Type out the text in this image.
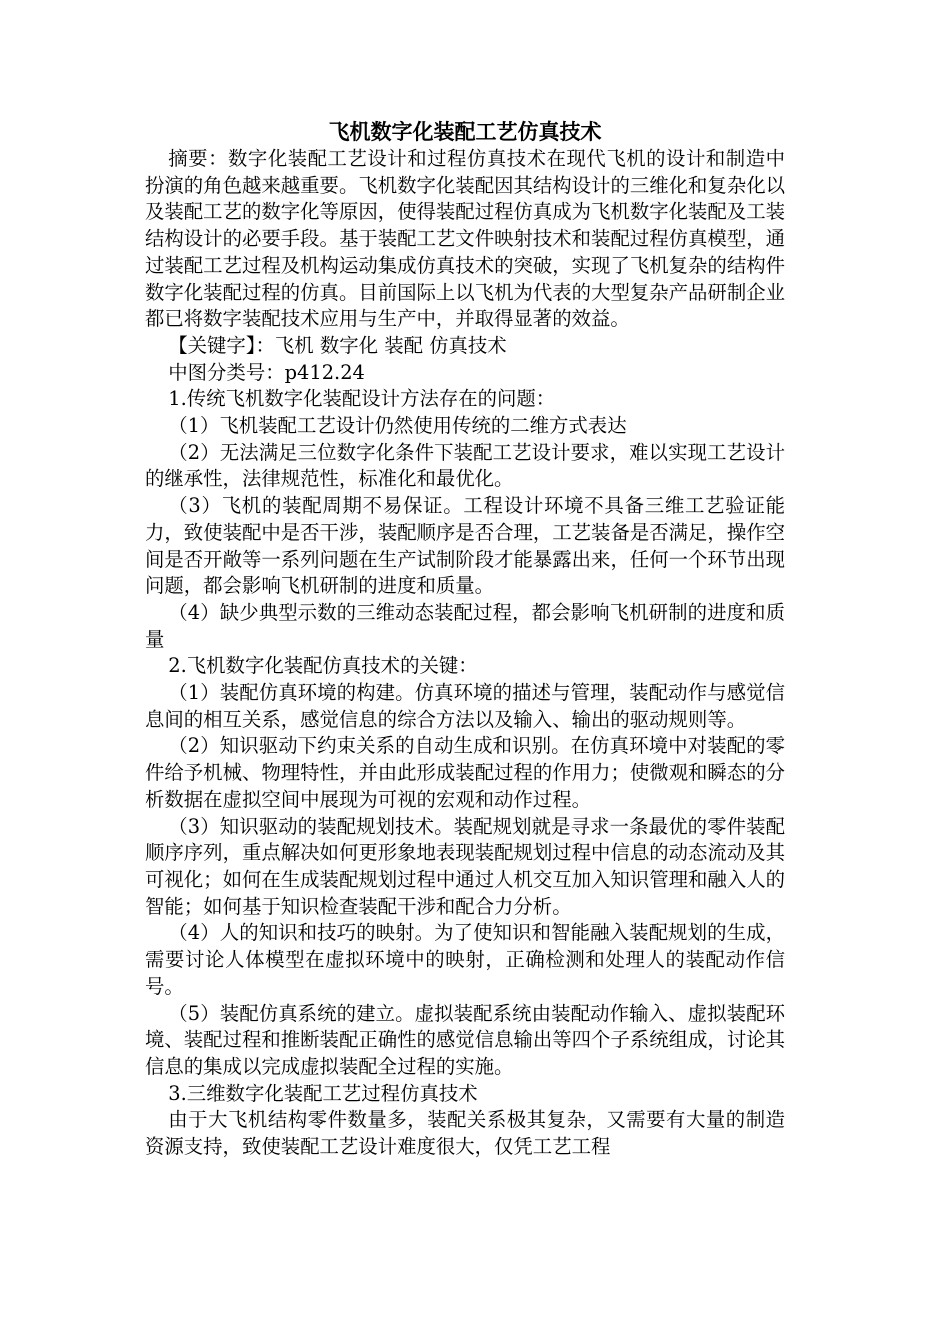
飞机数字化装配工艺仿真技术

摘要：数字化装配工艺设计和过程仿真技术在现代飞机的设计和制造中扮演的角色越来越重要。飞机数字化装配因其结构设计的三维化和复杂化以及装配工艺的数字化等原因，使得装配过程仿真成为飞机数字化装配及工装结构设计的必要手段。基于装配工艺文件映射技术和装配过程仿真模型，通过装配工艺过程及机构运动集成仿真技术的突破，实现了飞机复杂的结构件数字化装配过程的仿真。目前国际上以飞机为代表的大型复杂产品研制企业都已将数字装配技术应用与生产中，并取得显著的效益。

【关键字】：飞机 数字化 装配 仿真技术

中图分类号：p412.24

1.传统飞机数字化装配设计方法存在的问题：

（1）飞机装配工艺设计仍然使用传统的二维方式表达

（2）无法满足三位数字化条件下装配工艺设计要求，难以实现工艺设计的继承性，法律规范性，标准化和最优化。

（3）飞机的装配周期不易保证。工程设计环境不具备三维工艺验证能力，致使装配中是否干涉，装配顺序是否合理，工艺装备是否满足，操作空间是否开敞等一系列问题在生产试制阶段才能暴露出来，任何一个环节出现问题，都会影响飞机研制的进度和质量。

（4）缺少典型示数的三维动态装配过程，都会影响飞机研制的进度和质量

2.飞机数字化装配仿真技术的关键：

（1）装配仿真环境的构建。仿真环境的描述与管理，装配动作与感觉信息间的相互关系，感觉信息的综合方法以及输入、输出的驱动规则等。

（2）知识驱动下约束关系的自动生成和识别。在仿真环境中对装配的零件给予机械、物理特性，并由此形成装配过程的作用力；使微观和瞬态的分析数据在虚拟空间中展现为可视的宏观和动作过程。

（3）知识驱动的装配规划技术。装配规划就是寻求一条最优的零件装配顺序序列，重点解决如何更形象地表现装配规划过程中信息的动态流动及其可视化；如何在生成装配规划过程中通过人机交互加入知识管理和融入人的智能；如何基于知识检查装配干涉和配合力分析。

（4）人的知识和技巧的映射。为了使知识和智能融入装配规划的生成，需要讨论人体模型在虚拟环境中的映射，正确检测和处理人的装配动作信号。

（5）装配仿真系统的建立。虚拟装配系统由装配动作输入、虚拟装配环境、装配过程和推断装配正确性的感觉信息输出等四个子系统组成，讨论其信息的集成以完成虚拟装配全过程的实施。

3.三维数字化装配工艺过程仿真技术

由于大飞机结构零件数量多，装配关系极其复杂，又需要有大量的制造资源支持，致使装配工艺设计难度很大，仅凭工艺工程
